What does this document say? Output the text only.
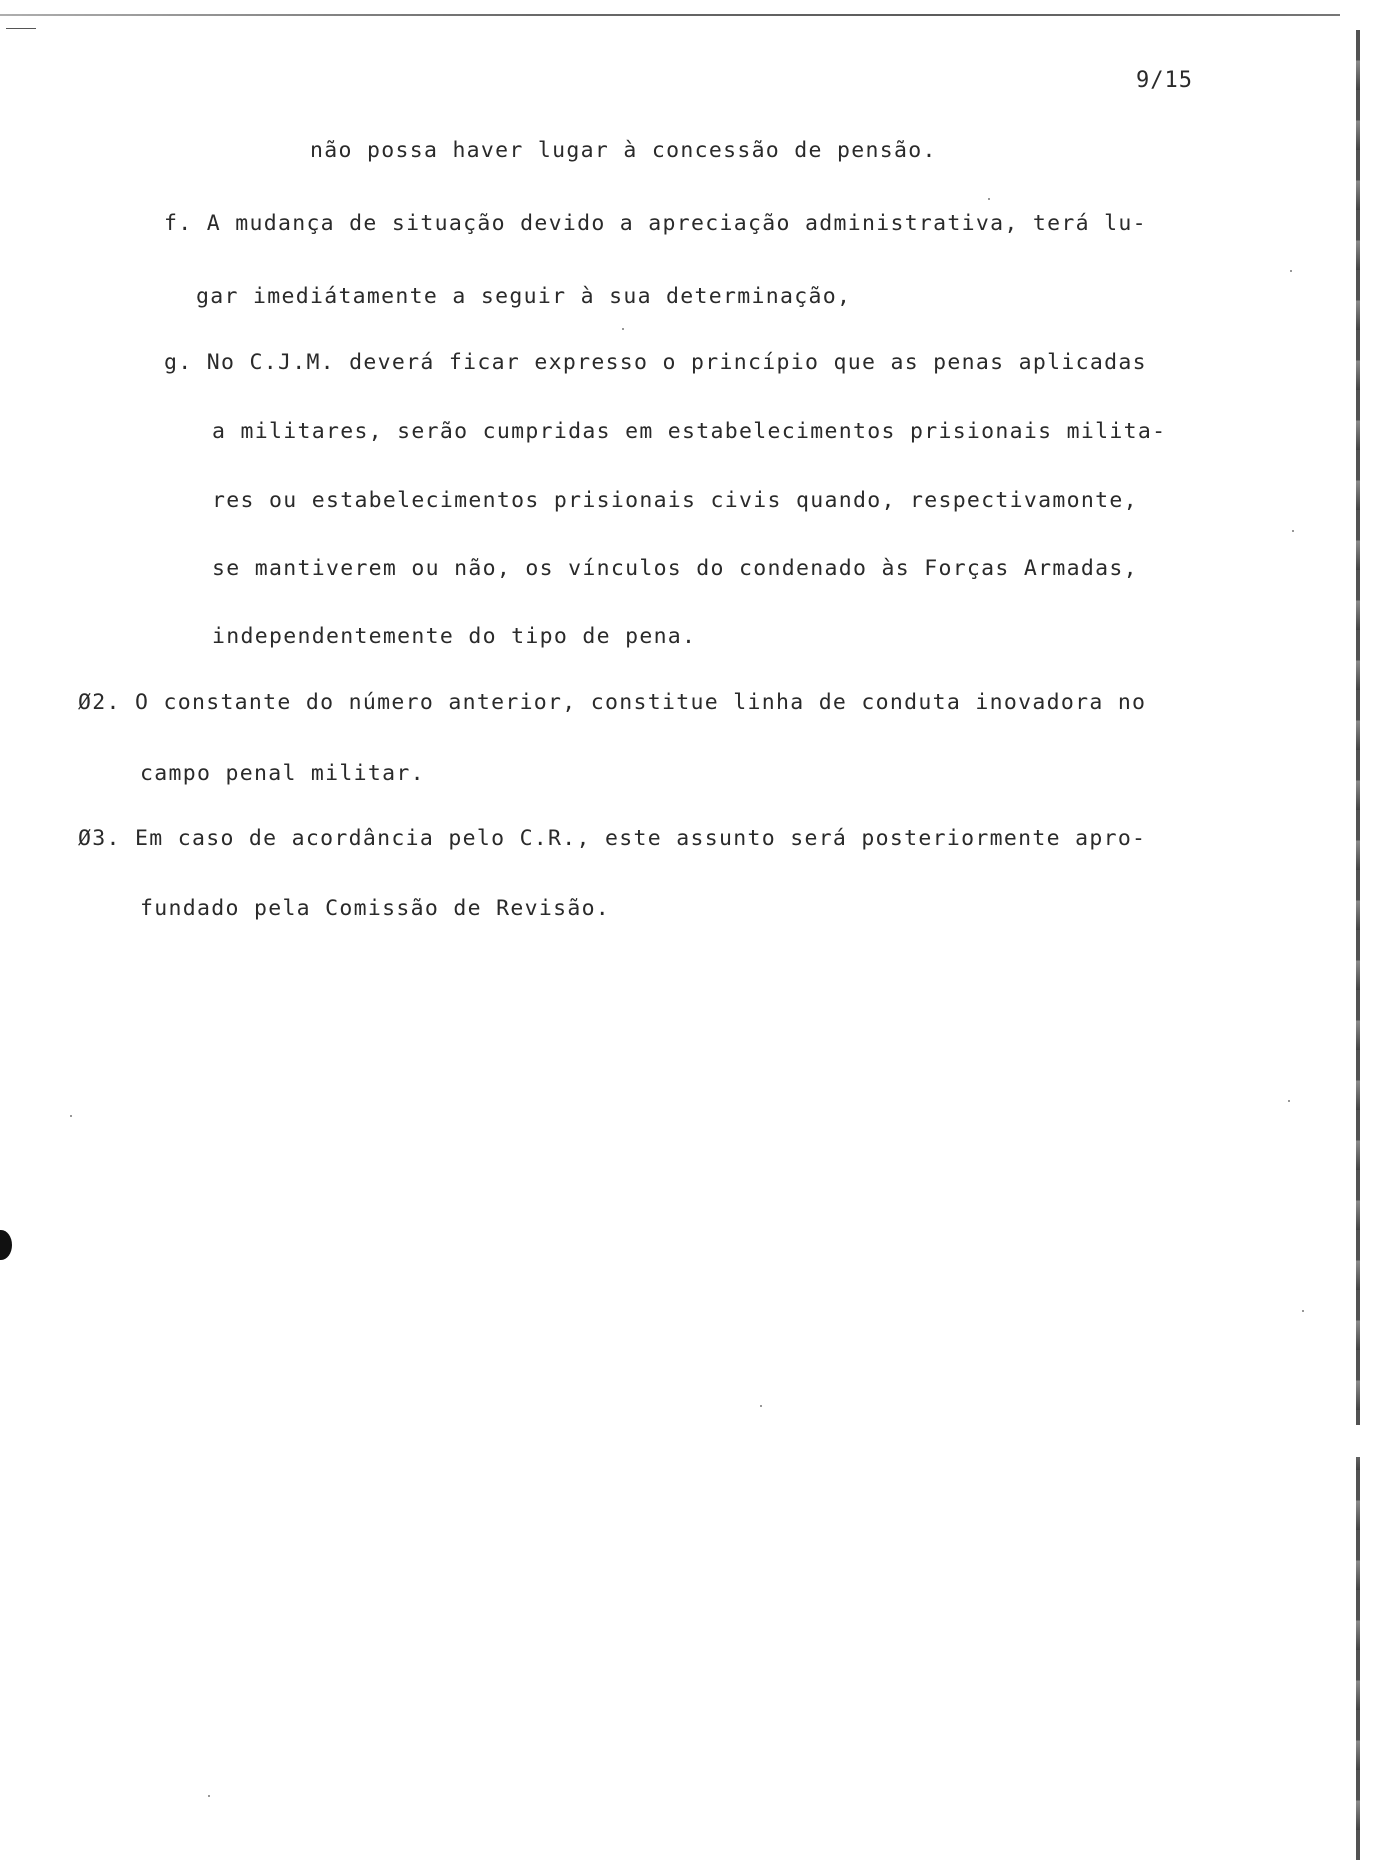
9/15
não possa haver lugar à concessão de pensão.
f. A mudança de situação devido a apreciação administrativa, terá lu-
gar imediátamente a seguir à sua determinação,
g. No C.J.M. deverá ficar expresso o princípio que as penas aplicadas
a militares, serão cumpridas em estabelecimentos prisionais milita-
res ou estabelecimentos prisionais civis quando, respectivamonte,
se mantiverem ou não, os vínculos do condenado às Forças Armadas,
independentemente do tipo de pena.
Ø2. O constante do número anterior, constitue linha de conduta inovadora no
campo penal militar.
Ø3. Em caso de acordância pelo C.R., este assunto será posteriormente apro-
fundado pela Comissão de Revisão.
